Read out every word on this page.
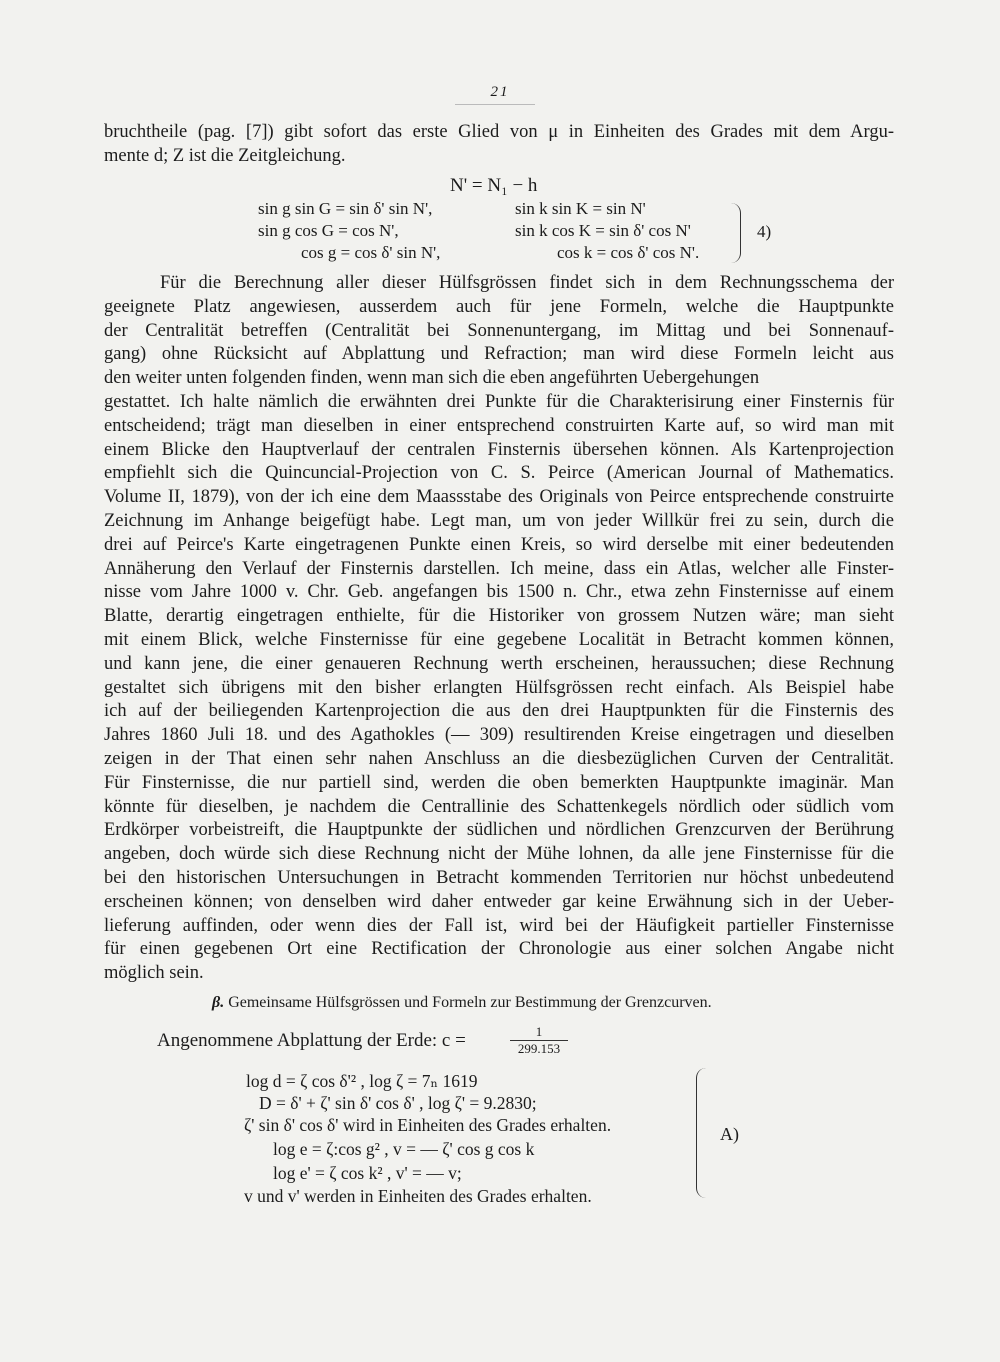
21
bruchtheile (pag. [7]) gibt sofort das erste Glied von μ in Einheiten des Grades mit dem Argu-
mente d; Z ist die Zeitgleichung.
N' = N₁ − h
sin g sin G = sin δ' sin N',
sin g cos G = cos N',
cos g = cos δ' sin N',
sin k sin K = sin N'
sin k cos K = sin δ' cos N'
cos k = cos δ' cos N'.
4)
Für die Berechnung aller dieser Hülfsgrössen findet sich in dem Rechnungsschema der
geeignete Platz angewiesen, ausserdem auch für jene Formeln, welche die Hauptpunkte
der Centralität betreffen (Centralität bei Sonnenuntergang, im Mittag und bei Sonnenauf-
gang) ohne Rücksicht auf Abplattung und Refraction; man wird diese Formeln leicht aus
den weiter unten folgenden finden, wenn man sich die eben angeführten Uebergehungen
gestattet. Ich halte nämlich die erwähnten drei Punkte für die Charakterisirung einer Finsternis für
entscheidend; trägt man dieselben in einer entsprechend construirten Karte auf, so wird man mit
einem Blicke den Hauptverlauf der centralen Finsternis übersehen können. Als Kartenprojection
empfiehlt sich die Quincuncial-Projection von C. S. Peirce (American Journal of Mathematics.
Volume II, 1879), von der ich eine dem Maassstabe des Originals von Peirce entsprechende construirte
Zeichnung im Anhange beigefügt habe. Legt man, um von jeder Willkür frei zu sein, durch die
drei auf Peirce's Karte eingetragenen Punkte einen Kreis, so wird derselbe mit einer bedeutenden
Annäherung den Verlauf der Finsternis darstellen. Ich meine, dass ein Atlas, welcher alle Finster-
nisse vom Jahre 1000 v. Chr. Geb. angefangen bis 1500 n. Chr., etwa zehn Finsternisse auf einem
Blatte, derartig eingetragen enthielte, für die Historiker von grossem Nutzen wäre; man sieht
mit einem Blick, welche Finsternisse für eine gegebene Localität in Betracht kommen können,
und kann jene, die einer genaueren Rechnung werth erscheinen, heraussuchen; diese Rechnung
gestaltet sich übrigens mit den bisher erlangten Hülfsgrössen recht einfach. Als Beispiel habe
ich auf der beiliegenden Kartenprojection die aus den drei Hauptpunkten für die Finsternis des
Jahres 1860 Juli 18. und des Agathokles (— 309) resultirenden Kreise eingetragen und dieselben
zeigen in der That einen sehr nahen Anschluss an die diesbezüglichen Curven der Centralität.
Für Finsternisse, die nur partiell sind, werden die oben bemerkten Hauptpunkte imaginär. Man
könnte für dieselben, je nachdem die Centrallinie des Schattenkegels nördlich oder südlich vom
Erdkörper vorbeistreift, die Hauptpunkte der südlichen und nördlichen Grenzcurven der Berührung
angeben, doch würde sich diese Rechnung nicht der Mühe lohnen, da alle jene Finsternisse für die
bei den historischen Untersuchungen in Betracht kommenden Territorien nur höchst unbedeutend
erscheinen können; von denselben wird daher entweder gar keine Erwähnung sich in der Ueber-
lieferung auffinden, oder wenn dies der Fall ist, wird bei der Häufigkeit partieller Finsternisse
für einen gegebenen Ort eine Rectification der Chronologie aus einer solchen Angabe nicht
möglich sein.
β. Gemeinsame Hülfsgrössen und Formeln zur Bestimmung der Grenzcurven.
Angenommene Abplattung der Erde: c =	$\frac{1}{299.153}$
log d = ζ cos δ'² , log ζ = 7ₙ 1619
D = δ' + ζ' sin δ' cos δ' , log ζ' = 9.2830;
ζ' sin δ' cos δ' wird in Einheiten des Grades erhalten.
log e = ζ:cos g² , v = — ζ' cos g cos k
log e' = ζ cos k² , v' = — v;
v und v' werden in Einheiten des Grades erhalten.
A)
